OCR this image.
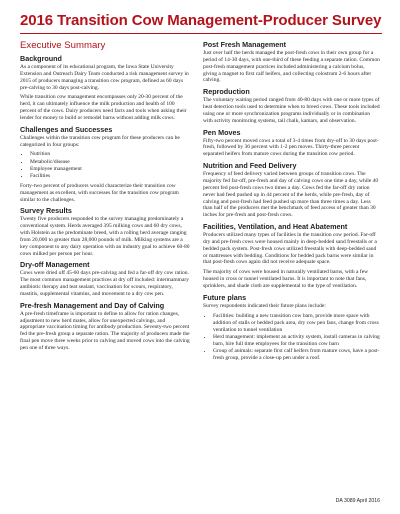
2016 Transition Cow Management-Producer Survey
Executive Summary
Background

As a component of its educational program, the Iowa State University Extension and Outreach Dairy Team conducted a risk management survey in 2015 of producers managing a transition cow program, defined as 60 days pre-calving to 30 days post-calving.

While transition cow management encompasses only 20-30 percent of the herd, it can ultimately influence the milk production and health of 100 percent of the cows. Dairy producers need facts and tools when asking their lender for money to build or remodel barns without adding milk cows.

Challenges and Successes

Challenges within the transition cow program for these producers can be categorized in four groups:

• Nutrition
• Metabolic/disease
• Employee management
• Facilities

Forty-two percent of producers would characterize their transition cow management as excellent, with successes for the transition cow program similar to the challenges.

Survey Results

Twenty five producers responded to the survey managing predominately a conventional system. Herds averaged 395 milking cows and 60 dry cows, with Holstein as the predominate breed, with a rolling herd average ranging from 20,000 to greater than 28,000 pounds of milk. Milking systems are a key component to any dairy operation with an industry goal to achieve 60-80 cows milked per person per hour.

Dry-off Management

Cows were dried off 45-60 days pre-calving and fed a far-off dry cow ration. The most common management practices at dry off included: intermammary antibiotic therapy and teat sealant, vaccination for scours, respiratory, mastitis, supplemental vitamins, and movement to a dry cow pen.

Pre-fresh Management and Day of Calving

A pre-fresh timeframe is important to define to allow for ration changes, adjustment to new herd mates, allow for unexpected calvings, and appropriate vaccination timing for antibody production. Seventy-two percent fed the pre-fresh group a separate ration. The majority of producers made the final pen move three weeks prior to calving and moved cows into the calving pen one of three ways.

Post Fresh Management

Just over half the herds managed the post-fresh cows in their own group for a period of 14-30 days, with one-third of these feeding a separate ration. Common post-fresh management practices included administering a calcium bolus, giving a magnet to first calf heifers, and collecting colostrum 2-6 hours after calving.

Reproduction

The voluntary waiting period ranged from 40-80 days with one or more types of heat detection tools used to determine when to breed cows. These tools included using one or more synchronization programs individually or in combination with activity monitoring systems, tail chalk, kamars, and observation.

Pen Moves

Fifty-two percent moved cows a total of 3-4 times from dry-off to 30 days post-fresh, followed by 36 percent with 1-2 pen moves. Thirty-three percent separated heifers from mature cows during the transition cow period.

Nutrition and Feed Delivery

Frequency of feed delivery varied between groups of transition cows. The majority fed far-off, pre-fresh and day of calving cows one time a day, while 40 percent fed post-fresh cows two times a day. Cows fed the far-off dry ration never had feed pushed up in 44 percent of the herds, while pre-fresh, day of calving and post-fresh had feed pushed up more than three times a day. Less than half of the producers met the benchmark of feed access of greater than 30 inches for pre-fresh and post-fresh cows.

Facilities, Ventilation, and Heat Abatement

Producers utilized many types of facilities in the transition cow period. Far-off dry and pre-fresh cows were housed mainly in deep-bedded sand freestalls or a bedded pack system. Post-fresh cows utilized freestalls with deep-bedded sand or mattresses with bedding. Conditions for bedded pack barns were similar in that post-fresh cows again did not receive adequate space.

The majority of cows were housed in naturally ventilated barns, with a few housed in cross or tunnel ventilated barns. It is important to note that fans, sprinklers, and shade cloth are supplemental to the type of ventilation.

Future plans

Survey respondents indicated their future plans include:

• Facilities: building a new transition cow barn, provide more space with addition of stalls or bedded pack area, dry cow pen fans, change from cross ventilation to tunnel ventilation
• Herd management: implement an activity system, install cameras in calving barn, hire full time employees for the transition cow barn
• Group of animals: separate first calf heifers from mature cows, have a post-fresh group, provide a close-up pen under a roof.
DA 3089 April 2016
